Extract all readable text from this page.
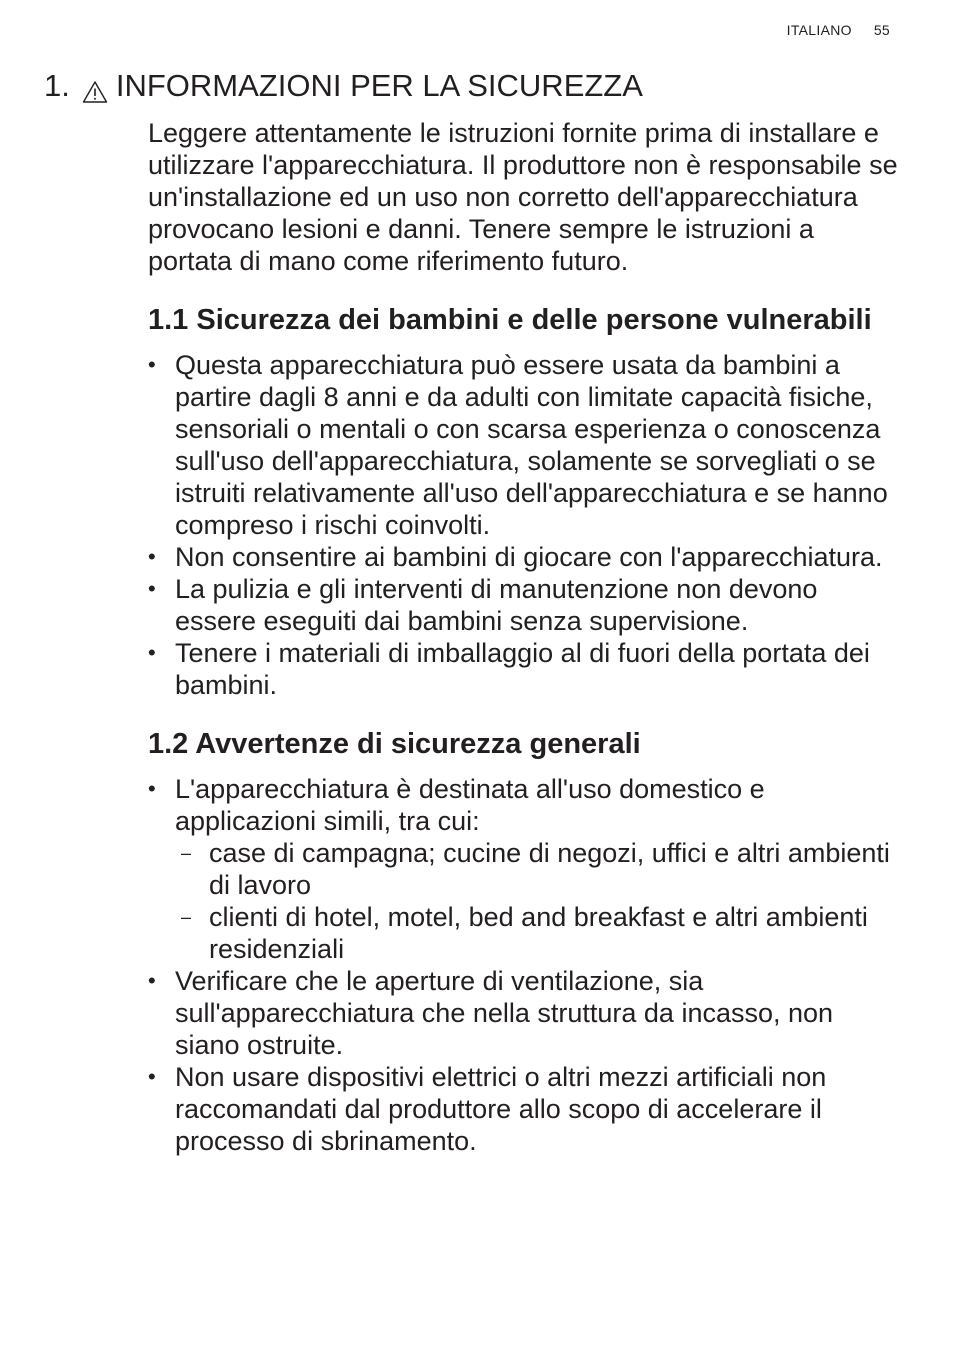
ITALIANO 55
1. INFORMAZIONI PER LA SICUREZZA

Leggere attentamente le istruzioni fornite prima di installare e utilizzare l'apparecchiatura. Il produttore non è responsabile se un'installazione ed un uso non corretto dell'apparecchiatura provocano lesioni e danni. Tenere sempre le istruzioni a portata di mano come riferimento futuro.

1.1 Sicurezza dei bambini e delle persone vulnerabili
• Questa apparecchiatura può essere usata da bambini a partire dagli 8 anni e da adulti con limitate capacità fisiche, sensoriali o mentali o con scarsa esperienza o conoscenza sull'uso dell'apparecchiatura, solamente se sorvegliati o se istruiti relativamente all'uso dell'apparecchiatura e se hanno compreso i rischi coinvolti.
• Non consentire ai bambini di giocare con l'apparecchiatura.
• La pulizia e gli interventi di manutenzione non devono essere eseguiti dai bambini senza supervisione.
• Tenere i materiali di imballaggio al di fuori della portata dei bambini.
1.2 Avvertenze di sicurezza generali
• L'apparecchiatura è destinata all'uso domestico e applicazioni simili, tra cui:
– case di campagna; cucine di negozi, uffici e altri ambienti di lavoro
– clienti di hotel, motel, bed and breakfast e altri ambienti residenziali
• Verificare che le aperture di ventilazione, sia sull'apparecchiatura che nella struttura da incasso, non siano ostruite.
• Non usare dispositivi elettrici o altri mezzi artificiali non raccomandati dal produttore allo scopo di accelerare il processo di sbrinamento.
